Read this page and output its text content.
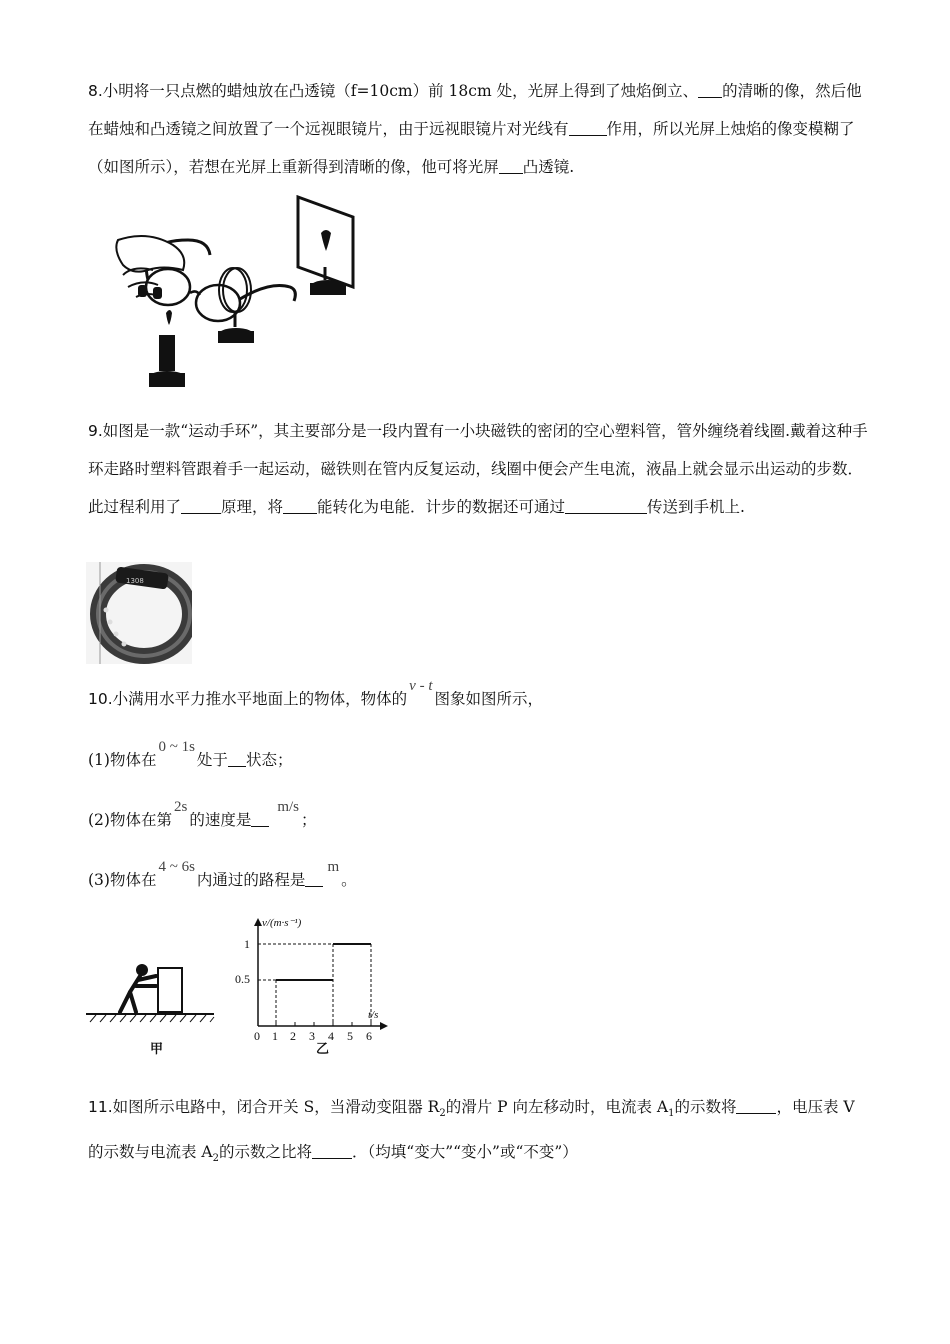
8.小明将一只点燃的蜡烛放在凸透镜（f=10cm）前 18cm 处，光屏上得到了烛焰倒立、 的清晰的像，然后他在蜡烛和凸透镜之间放置了一个远视眼镜片，由于远视眼镜片对光线有 作用，所以光屏上烛焰的像变模糊了（如图所示），若想在光屏上重新得到清晰的像，他可将光屏 凸透镜.
9.如图是一款“运动手环”，其主要部分是一段内置有一小块磁铁的密闭的空心塑料管，管外缠绕着线圈.戴着这种手环走路时塑料管跟着手一起运动，磁铁则在管内反复运动，线圈中便会产生电流，液晶上就会显示出运动的步数．此过程利用了	原理，将 能转化为电能．计步的数据还可通过	传送到手机上.
1308
10.小满用水平力推水平地面上的物体，物体的v - t图象如图所示，
(1)物体在0 ~ 1s处于 状态；
(2)物体在第2s的速度是m/s；
(3)物体在4 ~ 6s内通过的路程是m。
甲
v/(m·s⁻¹)
t/s
1
0.5
0 1 2 3 4 5 6
乙
11.如图所示电路中，闭合开关 S，当滑动变阻器 $R_2$的滑片 P 向左移动时，电流表 $A_1$的示数将	，电压表 V 的示数与电流表 $A_2$的示数之比将	．（均填“变大”“变小”或“不变”）
